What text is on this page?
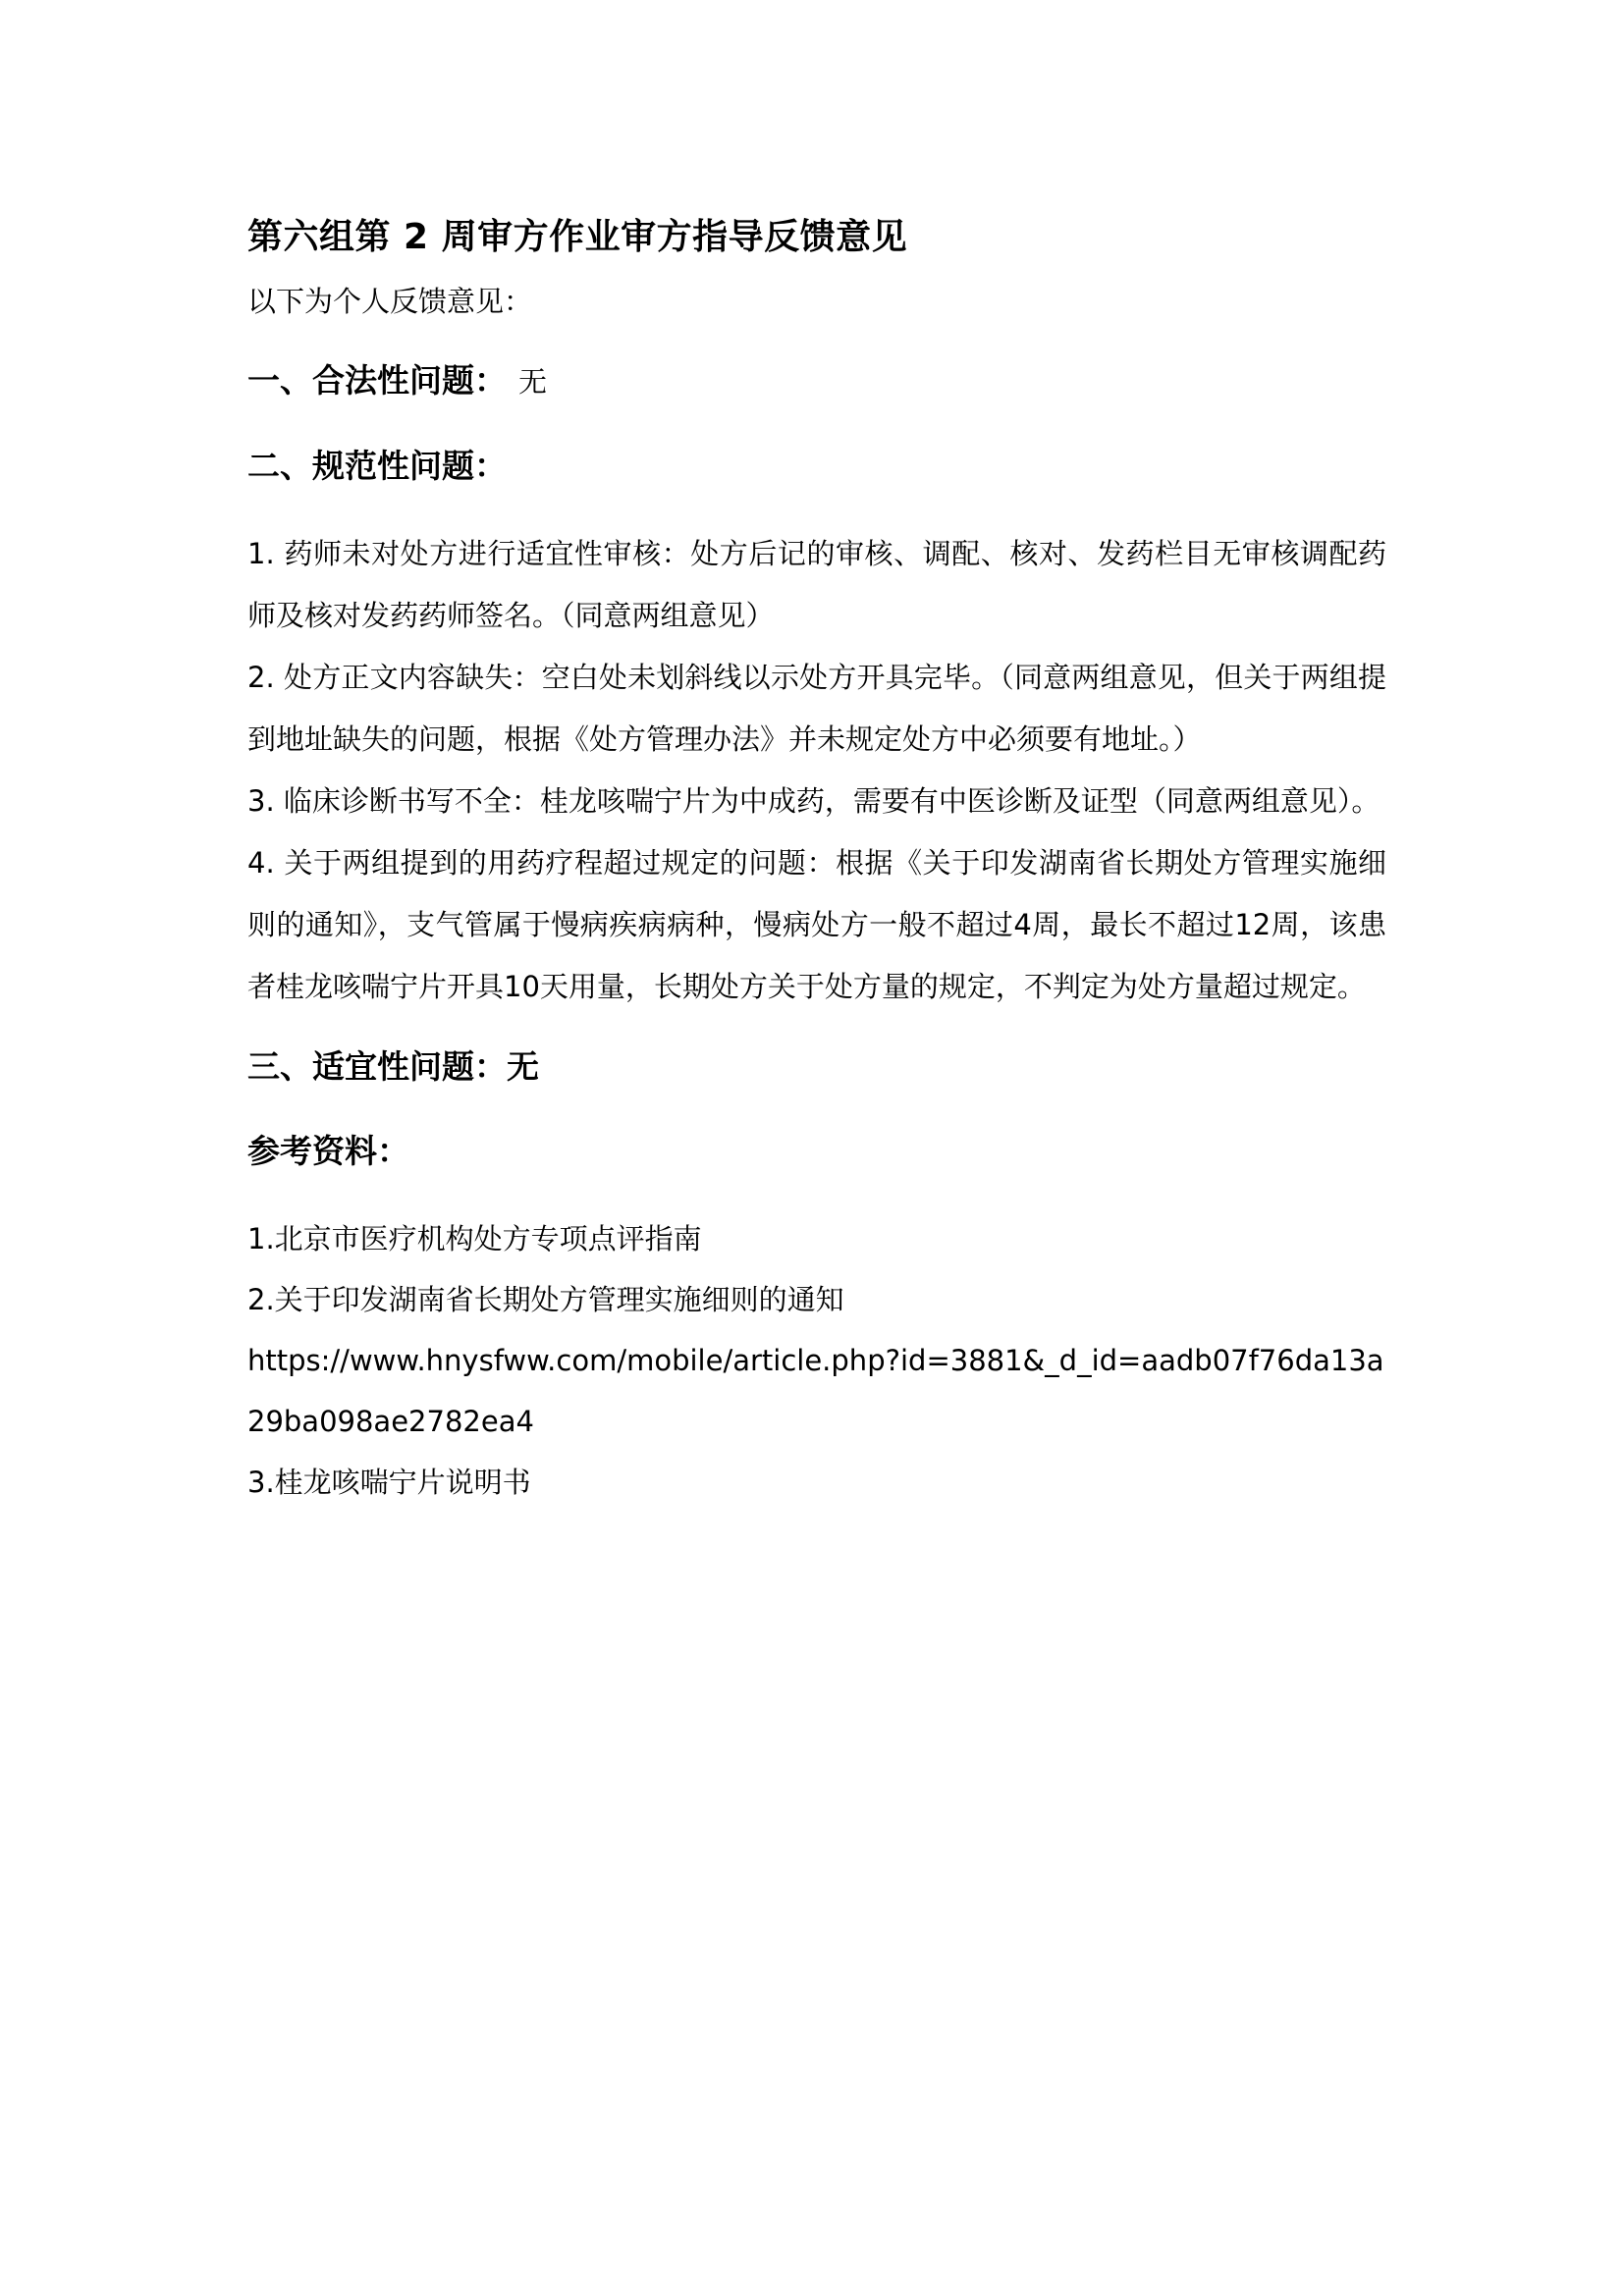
第六组第 2 周审方作业审方指导反馈意见
以下为个人反馈意见：
一、合法性问题： 无
二、规范性问题：

1. 药师未对处方进行适宜性审核：处方后记的审核、调配、核对、发药栏目无审核调配药师及核对发药药师签名。（同意两组意见）

2. 处方正文内容缺失：空白处未划斜线以示处方开具完毕。（同意两组意见，但关于两组提到地址缺失的问题，根据《处方管理办法》并未规定处方中必须要有地址。）

3. 临床诊断书写不全：桂龙咳喘宁片为中成药，需要有中医诊断及证型（同意两组意见）。

4. 关于两组提到的用药疗程超过规定的问题：根据《关于印发湖南省长期处方管理实施细则的通知》，支气管属于慢病疾病病种，慢病处方一般不超过4周，最长不超过12周，该患者桂龙咳喘宁片开具10天用量，长期处方关于处方量的规定，不判定为处方量超过规定。

三、适宜性问题：无
参考资料：

1.北京市医疗机构处方专项点评指南

2.关于印发湖南省长期处方管理实施细则的通知

https://www.hnysfww.com/mobile/article.php?id=3881&_d_id=aadb07f76da13a29ba098ae2782ea4

3.桂龙咳喘宁片说明书
